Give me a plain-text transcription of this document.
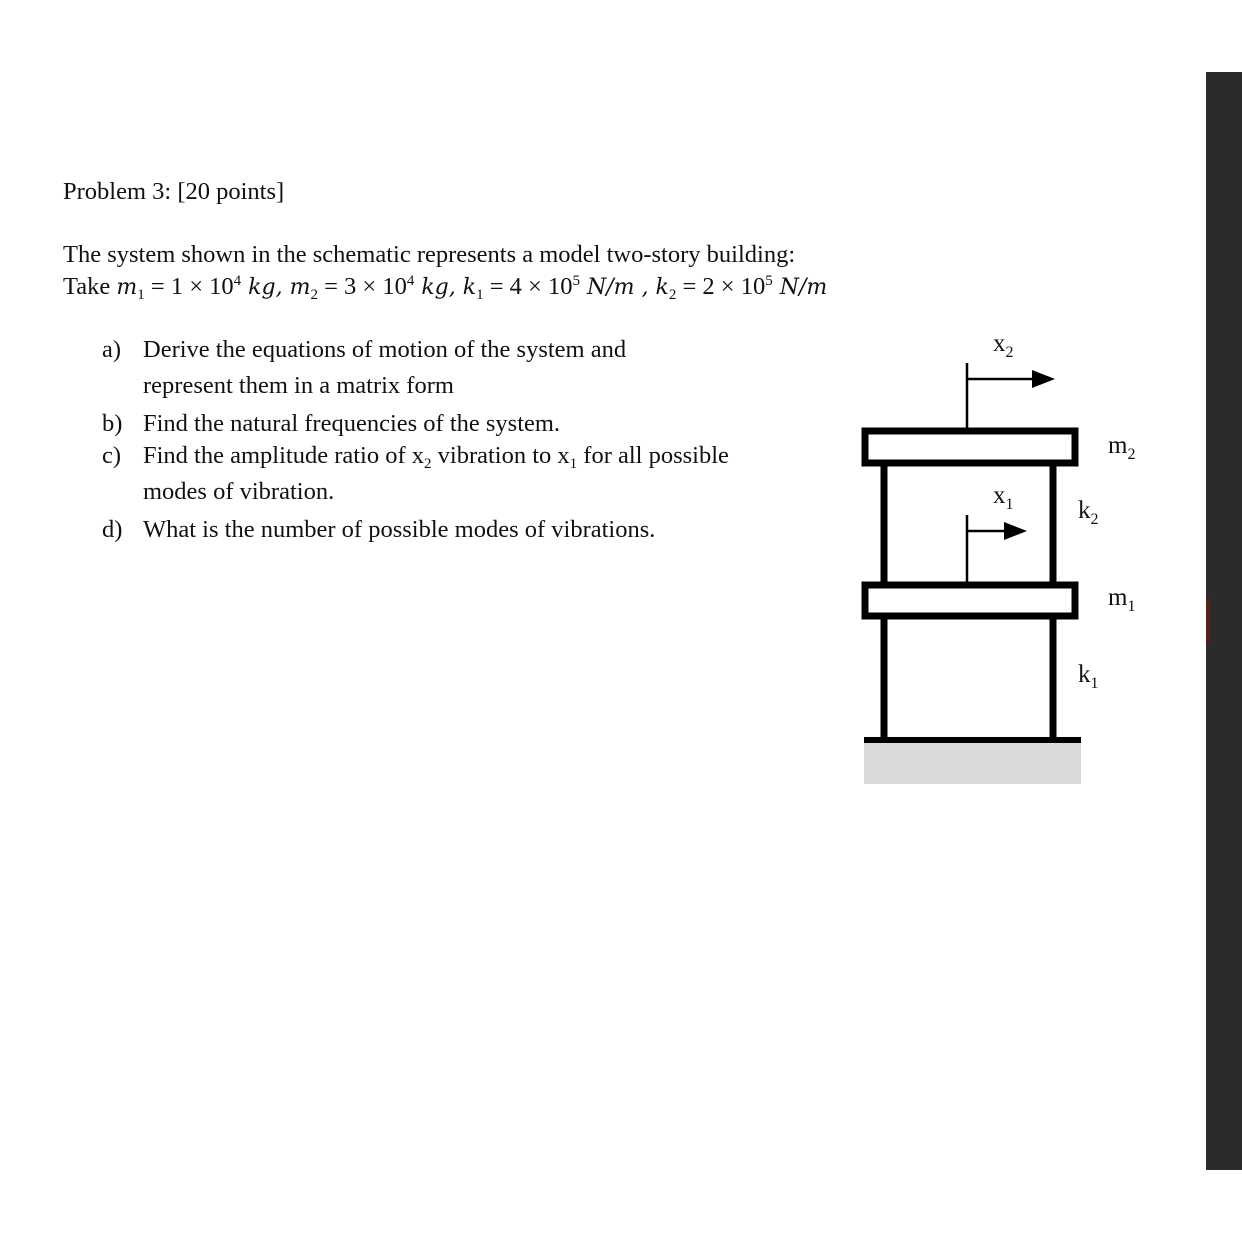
Problem 3: [20 points]
The system shown in the schematic represents a model two-story building:
Take $m_1 = 1 \times 10^4$ kg, $m_2 = 3 \times 10^4$ kg, $k_1 = 4 \times 10^5$ N/m , $k_2 = 2 \times 10^5$ N/m
a) Derive the equations of motion of the system and
represent them in a matrix form
b) Find the natural frequencies of the system.
c) Find the amplitude ratio of $x_2$ vibration to $x_1$ for all possible
modes of vibration.
d) What is the number of possible modes of vibrations.
$x_2$
$x_1$
$m_2$
$k_2$
$m_1$
$k_1$
